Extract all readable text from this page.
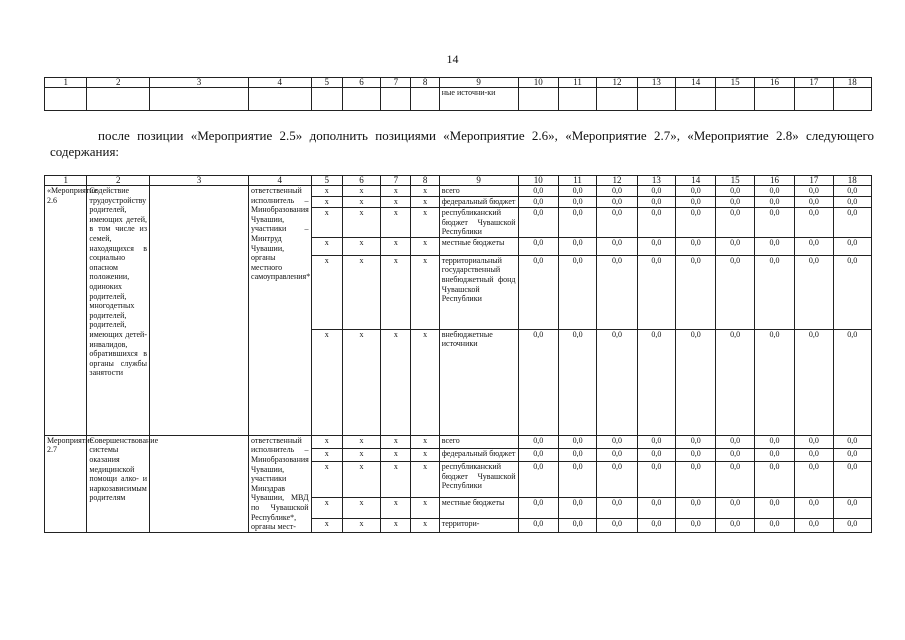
14
1	2	3	4	5	6	7	8	9	10	11	12	13	14	15	16	17	18
								ные источни-ки									
после позиции «Мероприятие 2.5» дополнить позициями «Мероприятие 2.6», «Мероприятие 2.7», «Мероприятие 2.8» следующего содержания:
1	2	3	4	5	6	7	8	9	10	11	12	13	14	15	16	17	18
«Мероприятие 2.6	Содействие трудоустройству родителей, имеющих детей, в том числе из семей, находящихся в социально опасном положении, одиноких родителей, многодетных родителей, родителей, имеющих детей-инвалидов, обратившихся в органы службы занятости		ответственный исполнитель – Минобразования Чувашии, участники – Минтруд Чувашии, органы местного самоуправления*	x	x	x	x	всего	0,0	0,0	0,0	0,0	0,0	0,0	0,0	0,0	0,0
				x	x	x	x	федеральный бюджет	0,0	0,0	0,0	0,0	0,0	0,0	0,0	0,0	0,0
				x	x	x	x	республиканский бюджет Чувашской Республики	0,0	0,0	0,0	0,0	0,0	0,0	0,0	0,0	0,0
				x	x	x	x	местные бюджеты	0,0	0,0	0,0	0,0	0,0	0,0	0,0	0,0	0,0
				x	x	x	x	территориальный государственный внебюджетный фонд Чувашской Республики	0,0	0,0	0,0	0,0	0,0	0,0	0,0	0,0	0,0
				x	x	x	x	внебюджетные источники	0,0	0,0	0,0	0,0	0,0	0,0	0,0	0,0	0,0
Мероприятие 2.7	Совершенствование системы оказания медицинской помощи алко- и наркозависимым родителям		ответственный исполнитель – Минобразования Чувашии, участники Минздрав Чувашии, МВД по Чувашской Республике*, органы мест-	x	x	x	x	всего	0,0	0,0	0,0	0,0	0,0	0,0	0,0	0,0	0,0
				x	x	x	x	федеральный бюджет	0,0	0,0	0,0	0,0	0,0	0,0	0,0	0,0	0,0
				x	x	x	x	республиканский бюджет Чувашской Республики	0,0	0,0	0,0	0,0	0,0	0,0	0,0	0,0	0,0
				x	x	x	x	местные бюджеты	0,0	0,0	0,0	0,0	0,0	0,0	0,0	0,0	0,0
				x	x	x	x	территори-	0,0	0,0	0,0	0,0	0,0	0,0	0,0	0,0	0,0
